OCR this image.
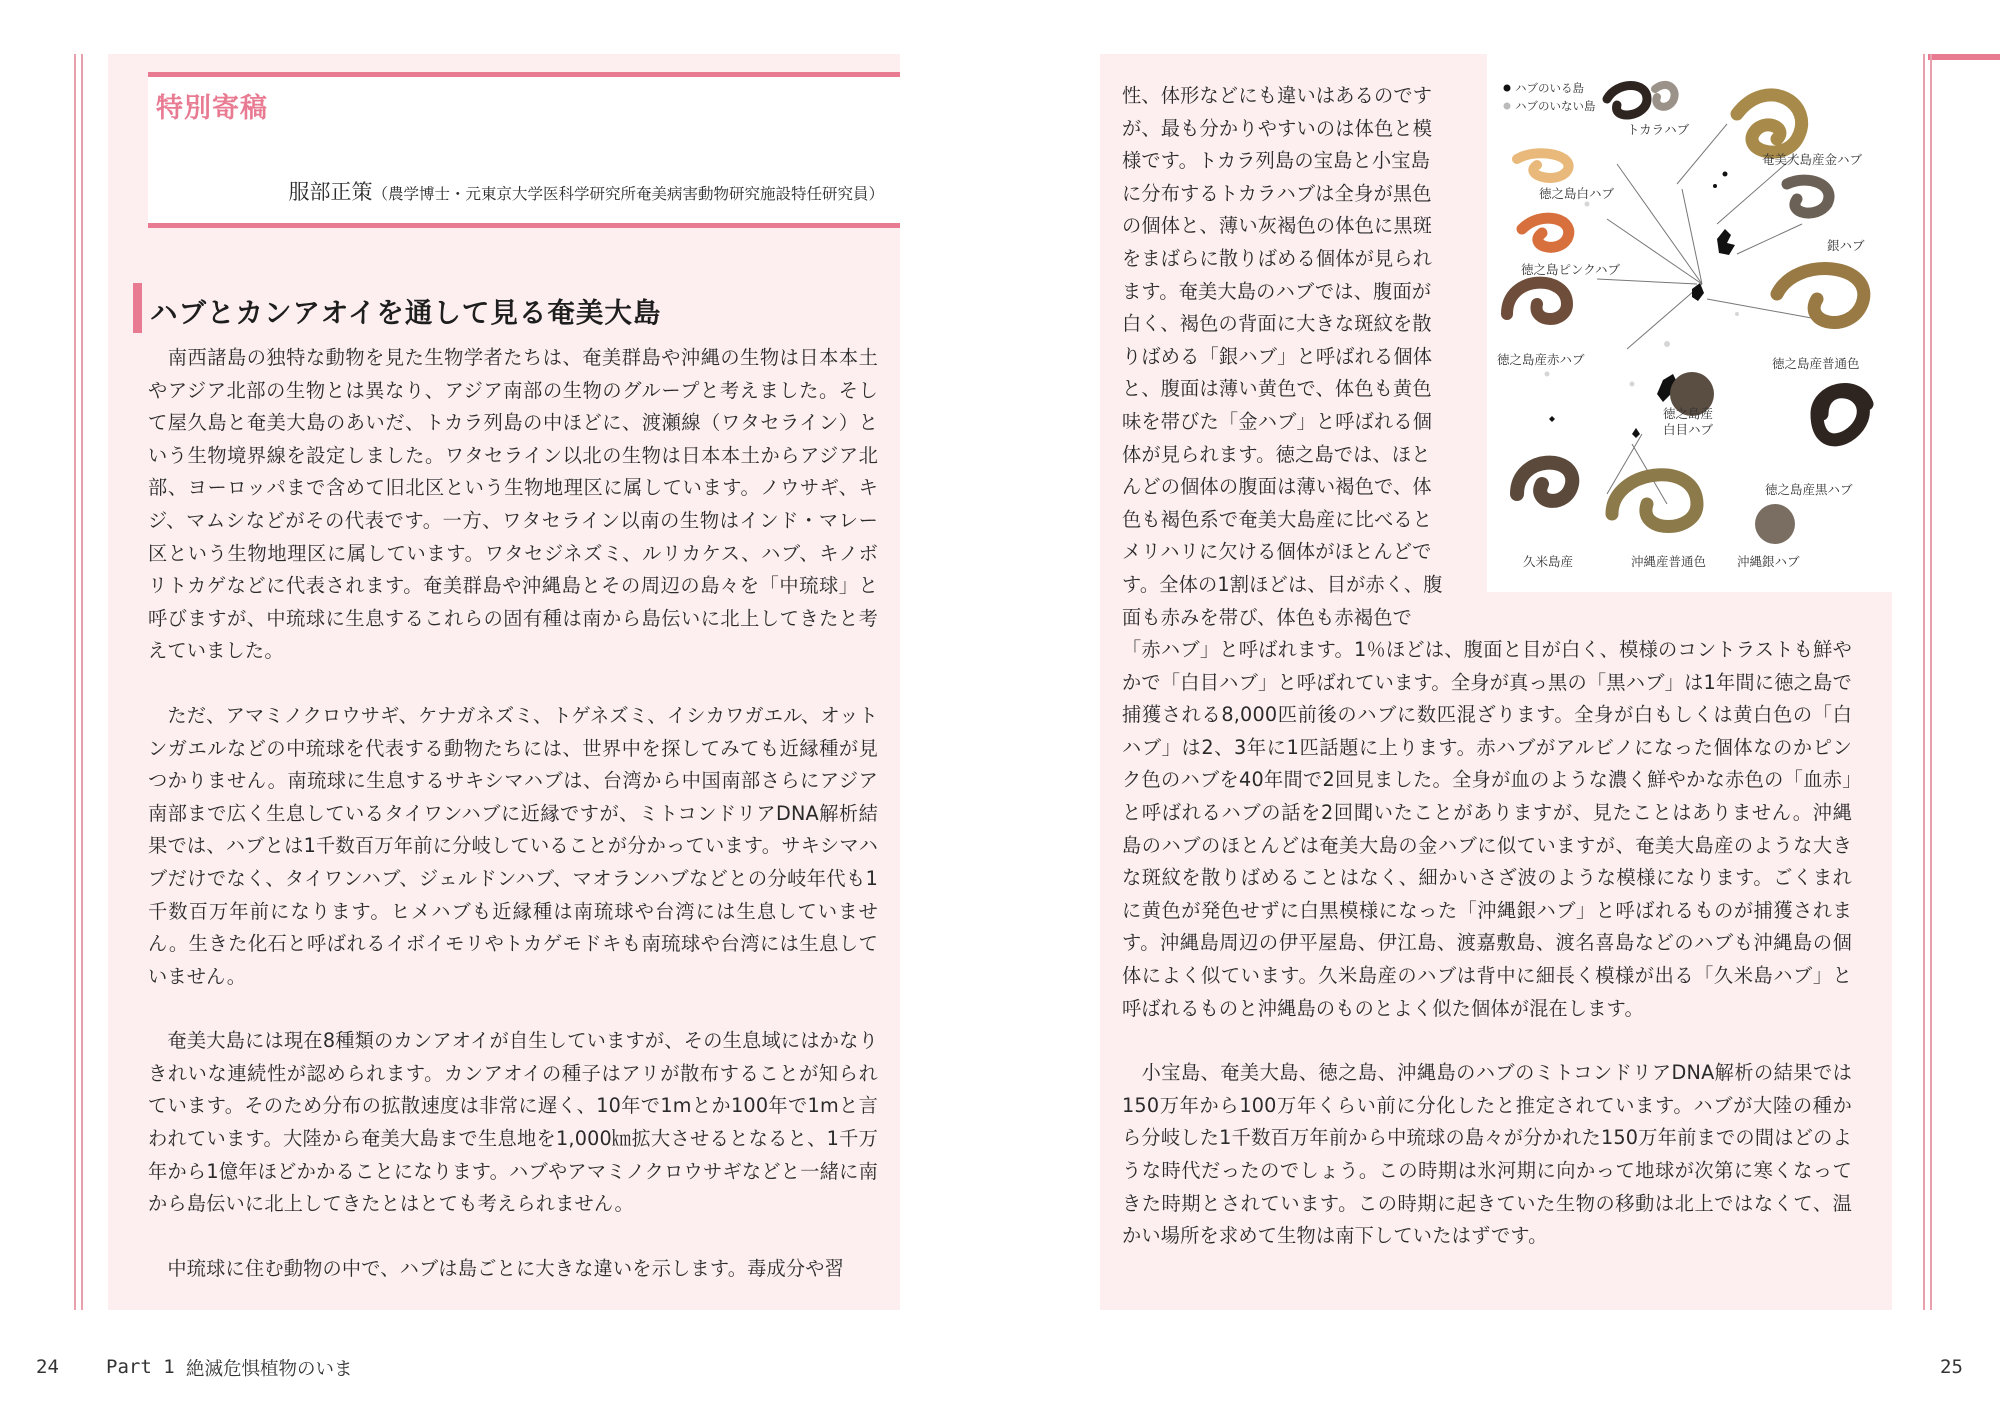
特別寄稿
服部正策（農学博士・元東京大学医科学研究所奄美病害動物研究施設特任研究員）
ハブとカンアオイを通して見る奄美大島

　南西諸島の独特な動物を見た生物学者たちは、奄美群島や沖縄の生物は日本本土やアジア北部の生物とは異なり、アジア南部の生物のグループと考えました。そして屋久島と奄美大島のあいだ、トカラ列島の中ほどに、渡瀬線（ワタセライン）という生物境界線を設定しました。ワタセライン以北の生物は日本本土からアジア北部、ヨーロッパまで含めて旧北区という生物地理区に属しています。ノウサギ、キジ、マムシなどがその代表です。一方、ワタセライン以南の生物はインド・マレー区という生物地理区に属しています。ワタセジネズミ、ルリカケス、ハブ、キノボリトカゲなどに代表されます。奄美群島や沖縄島とその周辺の島々を「中琉球」と呼びますが、中琉球に生息するこれらの固有種は南から島伝いに北上してきたと考えていました。

　ただ、アマミノクロウサギ、ケナガネズミ、トゲネズミ、イシカワガエル、オットンガエルなどの中琉球を代表する動物たちには、世界中を探してみても近縁種が見つかりません。南琉球に生息するサキシマハブは、台湾から中国南部さらにアジア南部まで広く生息しているタイワンハブに近縁ですが、ミトコンドリアDNA解析結果では、ハブとは1千数百万年前に分岐していることが分かっています。サキシマハブだけでなく、タイワンハブ、ジェルドンハブ、マオランハブなどとの分岐年代も1千数百万年前になります。ヒメハブも近縁種は南琉球や台湾には生息していません。生きた化石と呼ばれるイボイモリやトカゲモドキも南琉球や台湾には生息していません。

　奄美大島には現在8種類のカンアオイが自生していますが、その生息域にはかなりきれいな連続性が認められます。カンアオイの種子はアリが散布することが知られています。そのため分布の拡散速度は非常に遅く、10年で1mとか100年で1mと言われています。大陸から奄美大島まで生息地を1,000㎞拡大させるとなると、1千万年から1億年ほどかかることになります。ハブやアマミノクロウサギなどと一緒に南から島伝いに北上してきたとはとても考えられません。

　中琉球に住む動物の中で、ハブは島ごとに大きな違いを示します。毒成分や習

性、体形などにも違いはあるのです
が、最も分かりやすいのは体色と模
様です。トカラ列島の宝島と小宝島
に分布するトカラハブは全身が黒色
の個体と、薄い灰褐色の体色に黒斑
をまばらに散りばめる個体が見られ
ます。奄美大島のハブでは、腹面が
白く、褐色の背面に大きな斑紋を散
りばめる「銀ハブ」と呼ばれる個体
と、腹面は薄い黄色で、体色も黄色
味を帯びた「金ハブ」と呼ばれる個
体が見られます。徳之島では、ほと
んどの個体の腹面は薄い褐色で、体
色も褐色系で奄美大島産に比べると
メリハリに欠ける個体がほとんどで
す。全体の1割ほどは、目が赤く、腹
面も赤みを帯び、体色も赤褐色で

「赤ハブ」と呼ばれます。1％ほどは、腹面と目が白く、模様のコントラストも鮮やかで「白目ハブ」と呼ばれています。全身が真っ黒の「黒ハブ」は1年間に徳之島で捕獲される8,000匹前後のハブに数匹混ざります。全身が白もしくは黄白色の「白ハブ」は2、3年に1匹話題に上ります。赤ハブがアルビノになった個体なのかピンク色のハブを40年間で2回見ました。全身が血のような濃く鮮やかな赤色の「血赤」と呼ばれるハブの話を2回聞いたことがありますが、見たことはありません。沖縄島のハブのほとんどは奄美大島の金ハブに似ていますが、奄美大島産のような大きな斑紋を散りばめることはなく、細かいさざ波のような模様になります。ごくまれに黄色が発色せずに白黒模様になった「沖縄銀ハブ」と呼ばれるものが捕獲されます。沖縄島周辺の伊平屋島、伊江島、渡嘉敷島、渡名喜島などのハブも沖縄島の個体によく似ています。久米島産のハブは背中に細長く模様が出る「久米島ハブ」と呼ばれるものと沖縄島のものとよく似た個体が混在します。

　小宝島、奄美大島、徳之島、沖縄島のハブのミトコンドリアDNA解析の結果では150万年から100万年くらい前に分化したと推定されています。ハブが大陸の種から分岐した1千数百万年前から中琉球の島々が分かれた150万年前までの間はどのような時代だったのでしょう。この時期は氷河期に向かって地球が次第に寒くなってきた時期とされています。この時期に起きていた生物の移動は北上ではなくて、温かい場所を求めて生物は南下していたはずです。

ハブのいる島
ハブのいない島
トカラハブ
奄美大島産金ハブ
徳之島白ハブ
銀ハブ
徳之島ピンクハブ
徳之島産赤ハブ	徳之島産普通色
徳之島産
白目ハブ
徳之島産黒ハブ
久米島産	沖縄産普通色 沖縄銀ハブ
24 Part 1 絶滅危惧植物のいま	25
